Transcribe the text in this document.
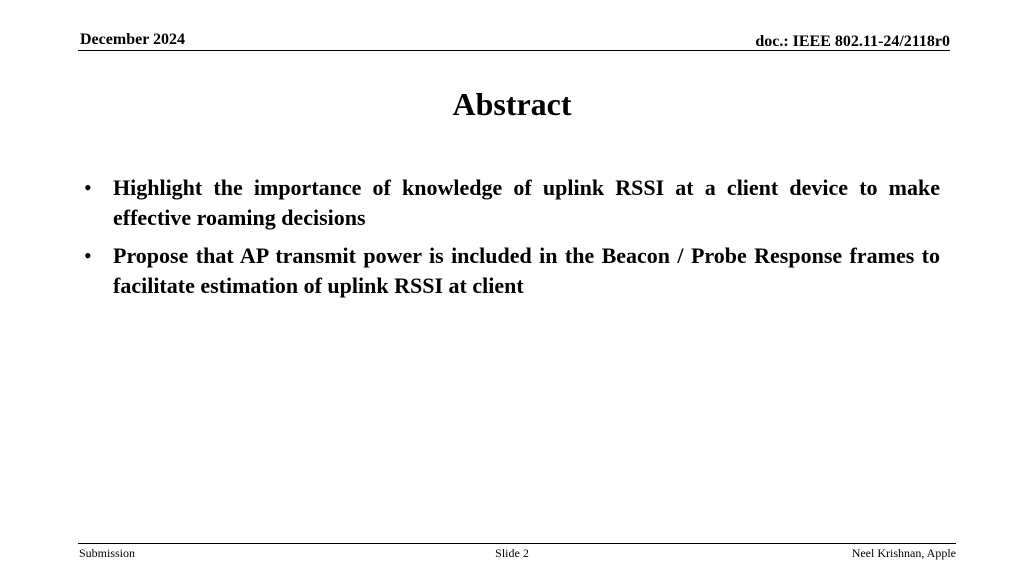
December 2024	doc.: IEEE 802.11-24/2118r0
Abstract
• Highlight the importance of knowledge of uplink RSSI at a client device to make effective roaming decisions
• Propose that AP transmit power is included in the Beacon / Probe Response frames to facilitate estimation of uplink RSSI at client
Submission	Slide 2	Neel Krishnan, Apple
